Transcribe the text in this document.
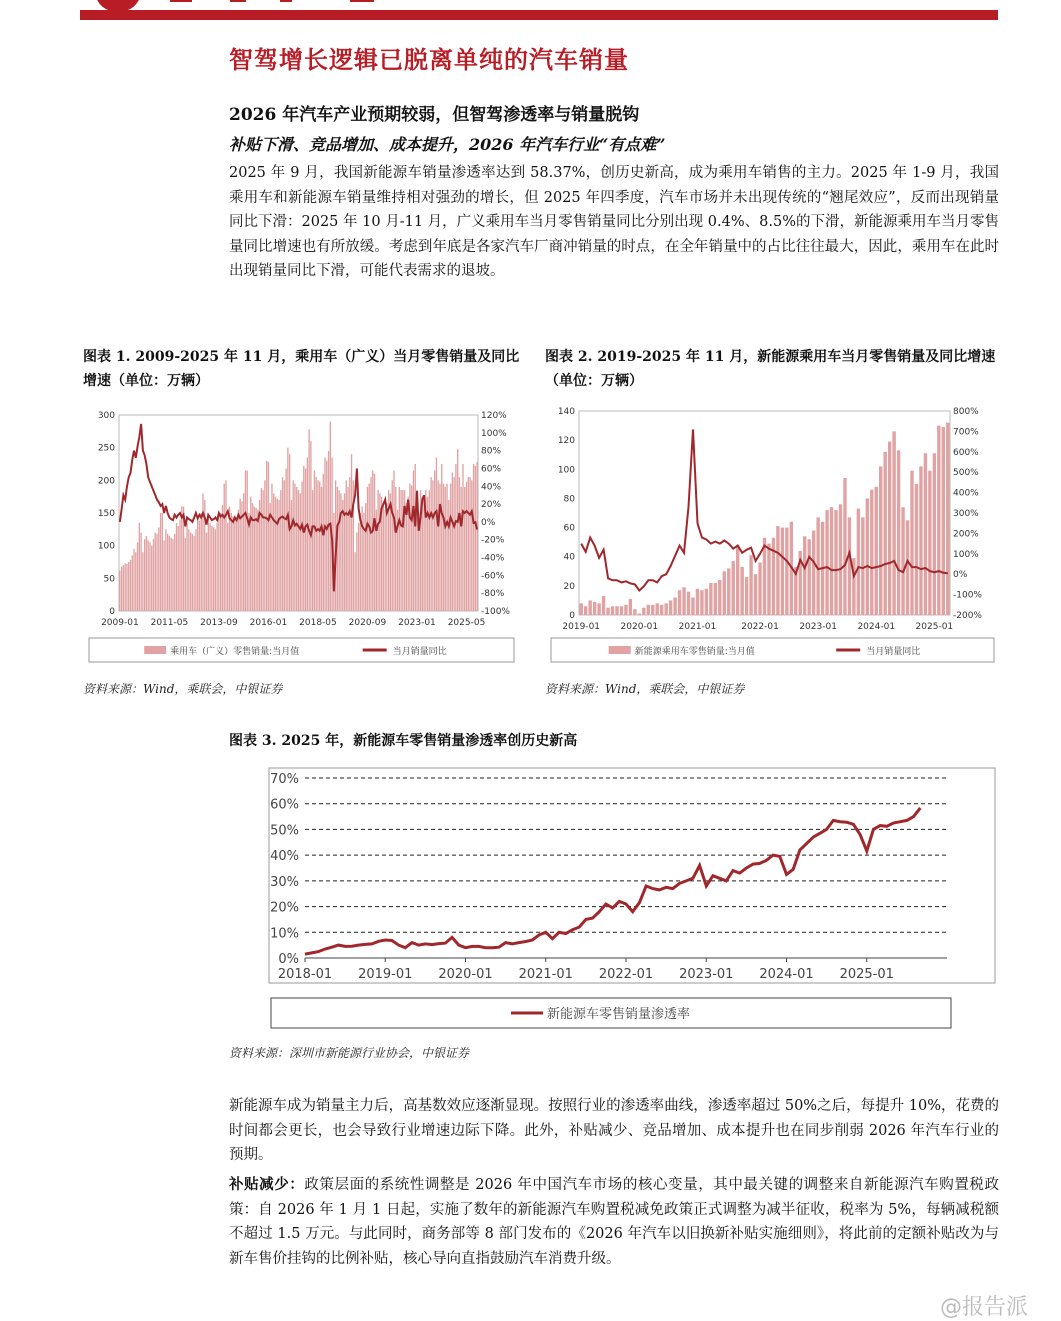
智驾增长逻辑已脱离单纯的汽车销量
2026 年汽车产业预期较弱，但智驾渗透率与销量脱钩
补贴下滑、竞品增加、成本提升，2026 年汽车行业“有点难”
2025 年 9 月，我国新能源车销量渗透率达到 58.37%，创历史新高，成为乘用车销售的主力。2025 年 1-9 月，我国乘用车和新能源车销量维持相对强劲的增长，但 2025 年四季度，汽车市场并未出现传统的“翘尾效应”，反而出现销量同比下滑：2025 年 10 月-11 月，广义乘用车当月零售销量同比分别出现 0.4%、8.5%的下滑，新能源乘用车当月零售量同比增速也有所放缓。考虑到年底是各家汽车厂商冲销量的时点，在全年销量中的占比往往最大，因此，乘用车在此时出现销量同比下滑，可能代表需求的退坡。
图表 1. 2009-2025 年 11 月，乘用车（广义）当月零售销量及同比增速（单位：万辆）
0
50
100
150
200
250
300
-100%
-80%
-60%
-40%
-20%
0%
20%
40%
60%
80%
100%
120%
2009-01 2011-05 2013-09 2016-01 2018-05 2020-09 2023-01 2025-05
乘用车（广义）零售销量:当月值	当月销量同比
资料来源：Wind，乘联会，中银证券
图表 2. 2019-2025 年 11 月，新能源乘用车当月零售销量及同比增速（单位：万辆）
0
20
40
60
80
100
120
140
-200%
-100%
0%
100%
200%
300%
400%
500%
600%
700%
800%
2019-01 2020-01 2021-01	2022-01 2023-01 2024-01 2025-01
新能源乘用车零售销量:当月值	当月销量同比
资料来源：Wind，乘联会，中银证券
图表 3. 2025 年，新能源车零售销量渗透率创历史新高
0%
10%
20%
30%
40%
50%
60%
70%
2018-01 2019-01 2020-01 2021-01 2022-01 2023-01 2024-01 2025-01
新能源车零售销量渗透率
资料来源：深圳市新能源行业协会，中银证券
新能源车成为销量主力后，高基数效应逐渐显现。按照行业的渗透率曲线，渗透率超过 50%之后，每提升 10%，花费的时间都会更长，也会导致行业增速边际下降。此外，补贴减少、竞品增加、成本提升也在同步削弱 2026 年汽车行业的预期。
补贴减少：政策层面的系统性调整是 2026 年中国汽车市场的核心变量，其中最关键的调整来自新能源汽车购置税政策：自 2026 年 1 月 1 日起，实施了数年的新能源汽车购置税减免政策正式调整为减半征收，税率为 5%，每辆减税额不超过 1.5 万元。与此同时，商务部等 8 部门发布的《2026 年汽车以旧换新补贴实施细则》，将此前的定额补贴改为与新车售价挂钩的比例补贴，核心导向直指鼓励汽车消费升级。
@报告派
